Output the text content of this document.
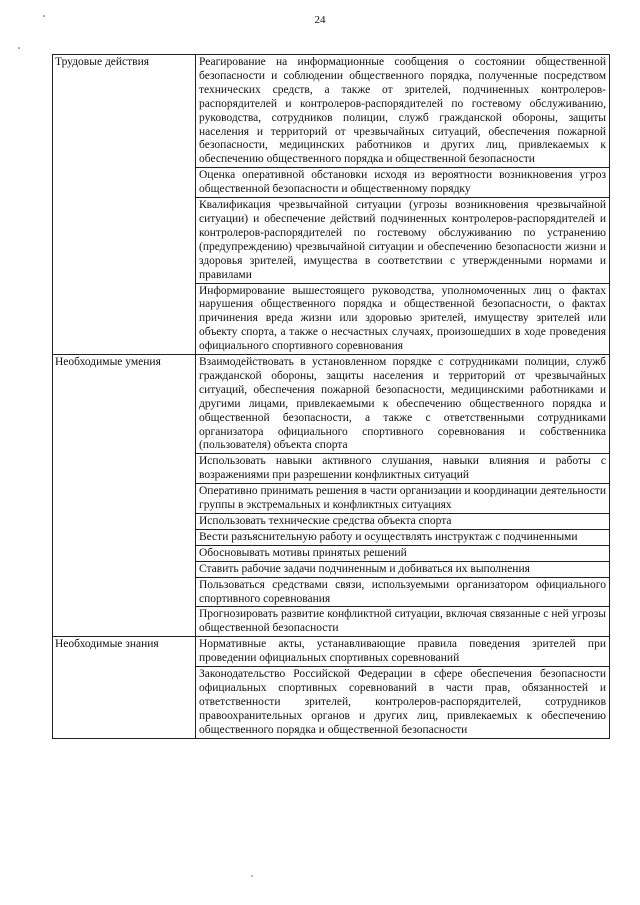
24
Трудовые действия	Реагирование на информационные сообщения о состоянии общественной безопасности и соблюдении общественного порядка, полученные посредством технических средств, а также от зрителей, подчиненных контролеров-распорядителей и контролеров-распорядителей по гостевому обслуживанию, руководства, сотрудников полиции, служб гражданской обороны, защиты населения и территорий от чрезвычайных ситуаций, обеспечения пожарной безопасности, медицинских работников и других лиц, привлекаемых к обеспечению общественного порядка и общественной безопасности
	Оценка оперативной обстановки исходя из вероятности возникновения угроз общественной безопасности и общественному порядку
	Квалификация чрезвычайной ситуации (угрозы возникновения чрезвычайной ситуации) и обеспечение действий подчиненных контролеров-распорядителей и контролеров-распорядителей по гостевому обслуживанию по устранению (предупреждению) чрезвычайной ситуации и обеспечению безопасности жизни и здоровья зрителей, имущества в соответствии с утвержденными нормами и правилами
	Информирование вышестоящего руководства, уполномоченных лиц о фактах нарушения общественного порядка и общественной безопасности, о фактах причинения вреда жизни или здоровью зрителей, имуществу зрителей или объекту спорта, а также о несчастных случаях, произошедших в ходе проведения официального спортивного соревнования
Необходимые умения	Взаимодействовать в установленном порядке с сотрудниками полиции, служб гражданской обороны, защиты населения и территорий от чрезвычайных ситуаций, обеспечения пожарной безопасности, медицинскими работниками и другими лицами, привлекаемыми к обеспечению общественного порядка и общественной безопасности, а также с ответственными сотрудниками организатора официального спортивного соревнования и собственника (пользователя) объекта спорта
	Использовать навыки активного слушания, навыки влияния и работы с возражениями при разрешении конфликтных ситуаций
	Оперативно принимать решения в части организации и координации деятельности группы в экстремальных и конфликтных ситуациях
	Использовать технические средства объекта спорта
	Вести разъяснительную работу и осуществлять инструктаж с подчиненными
	Обосновывать мотивы принятых решений
	Ставить рабочие задачи подчиненным и добиваться их выполнения
	Пользоваться средствами связи, используемыми организатором официального спортивного соревнования
	Прогнозировать развитие конфликтной ситуации, включая связанные с ней угрозы общественной безопасности
Необходимые знания	Нормативные акты, устанавливающие правила поведения зрителей при проведении официальных спортивных соревнований
	Законодательство Российской Федерации в сфере обеспечения безопасности официальных спортивных соревнований в части прав, обязанностей и ответственности зрителей, контролеров-распорядителей, сотрудников правоохранительных органов и других лиц, привлекаемых к обеспечению общественного порядка и общественной безопасности
